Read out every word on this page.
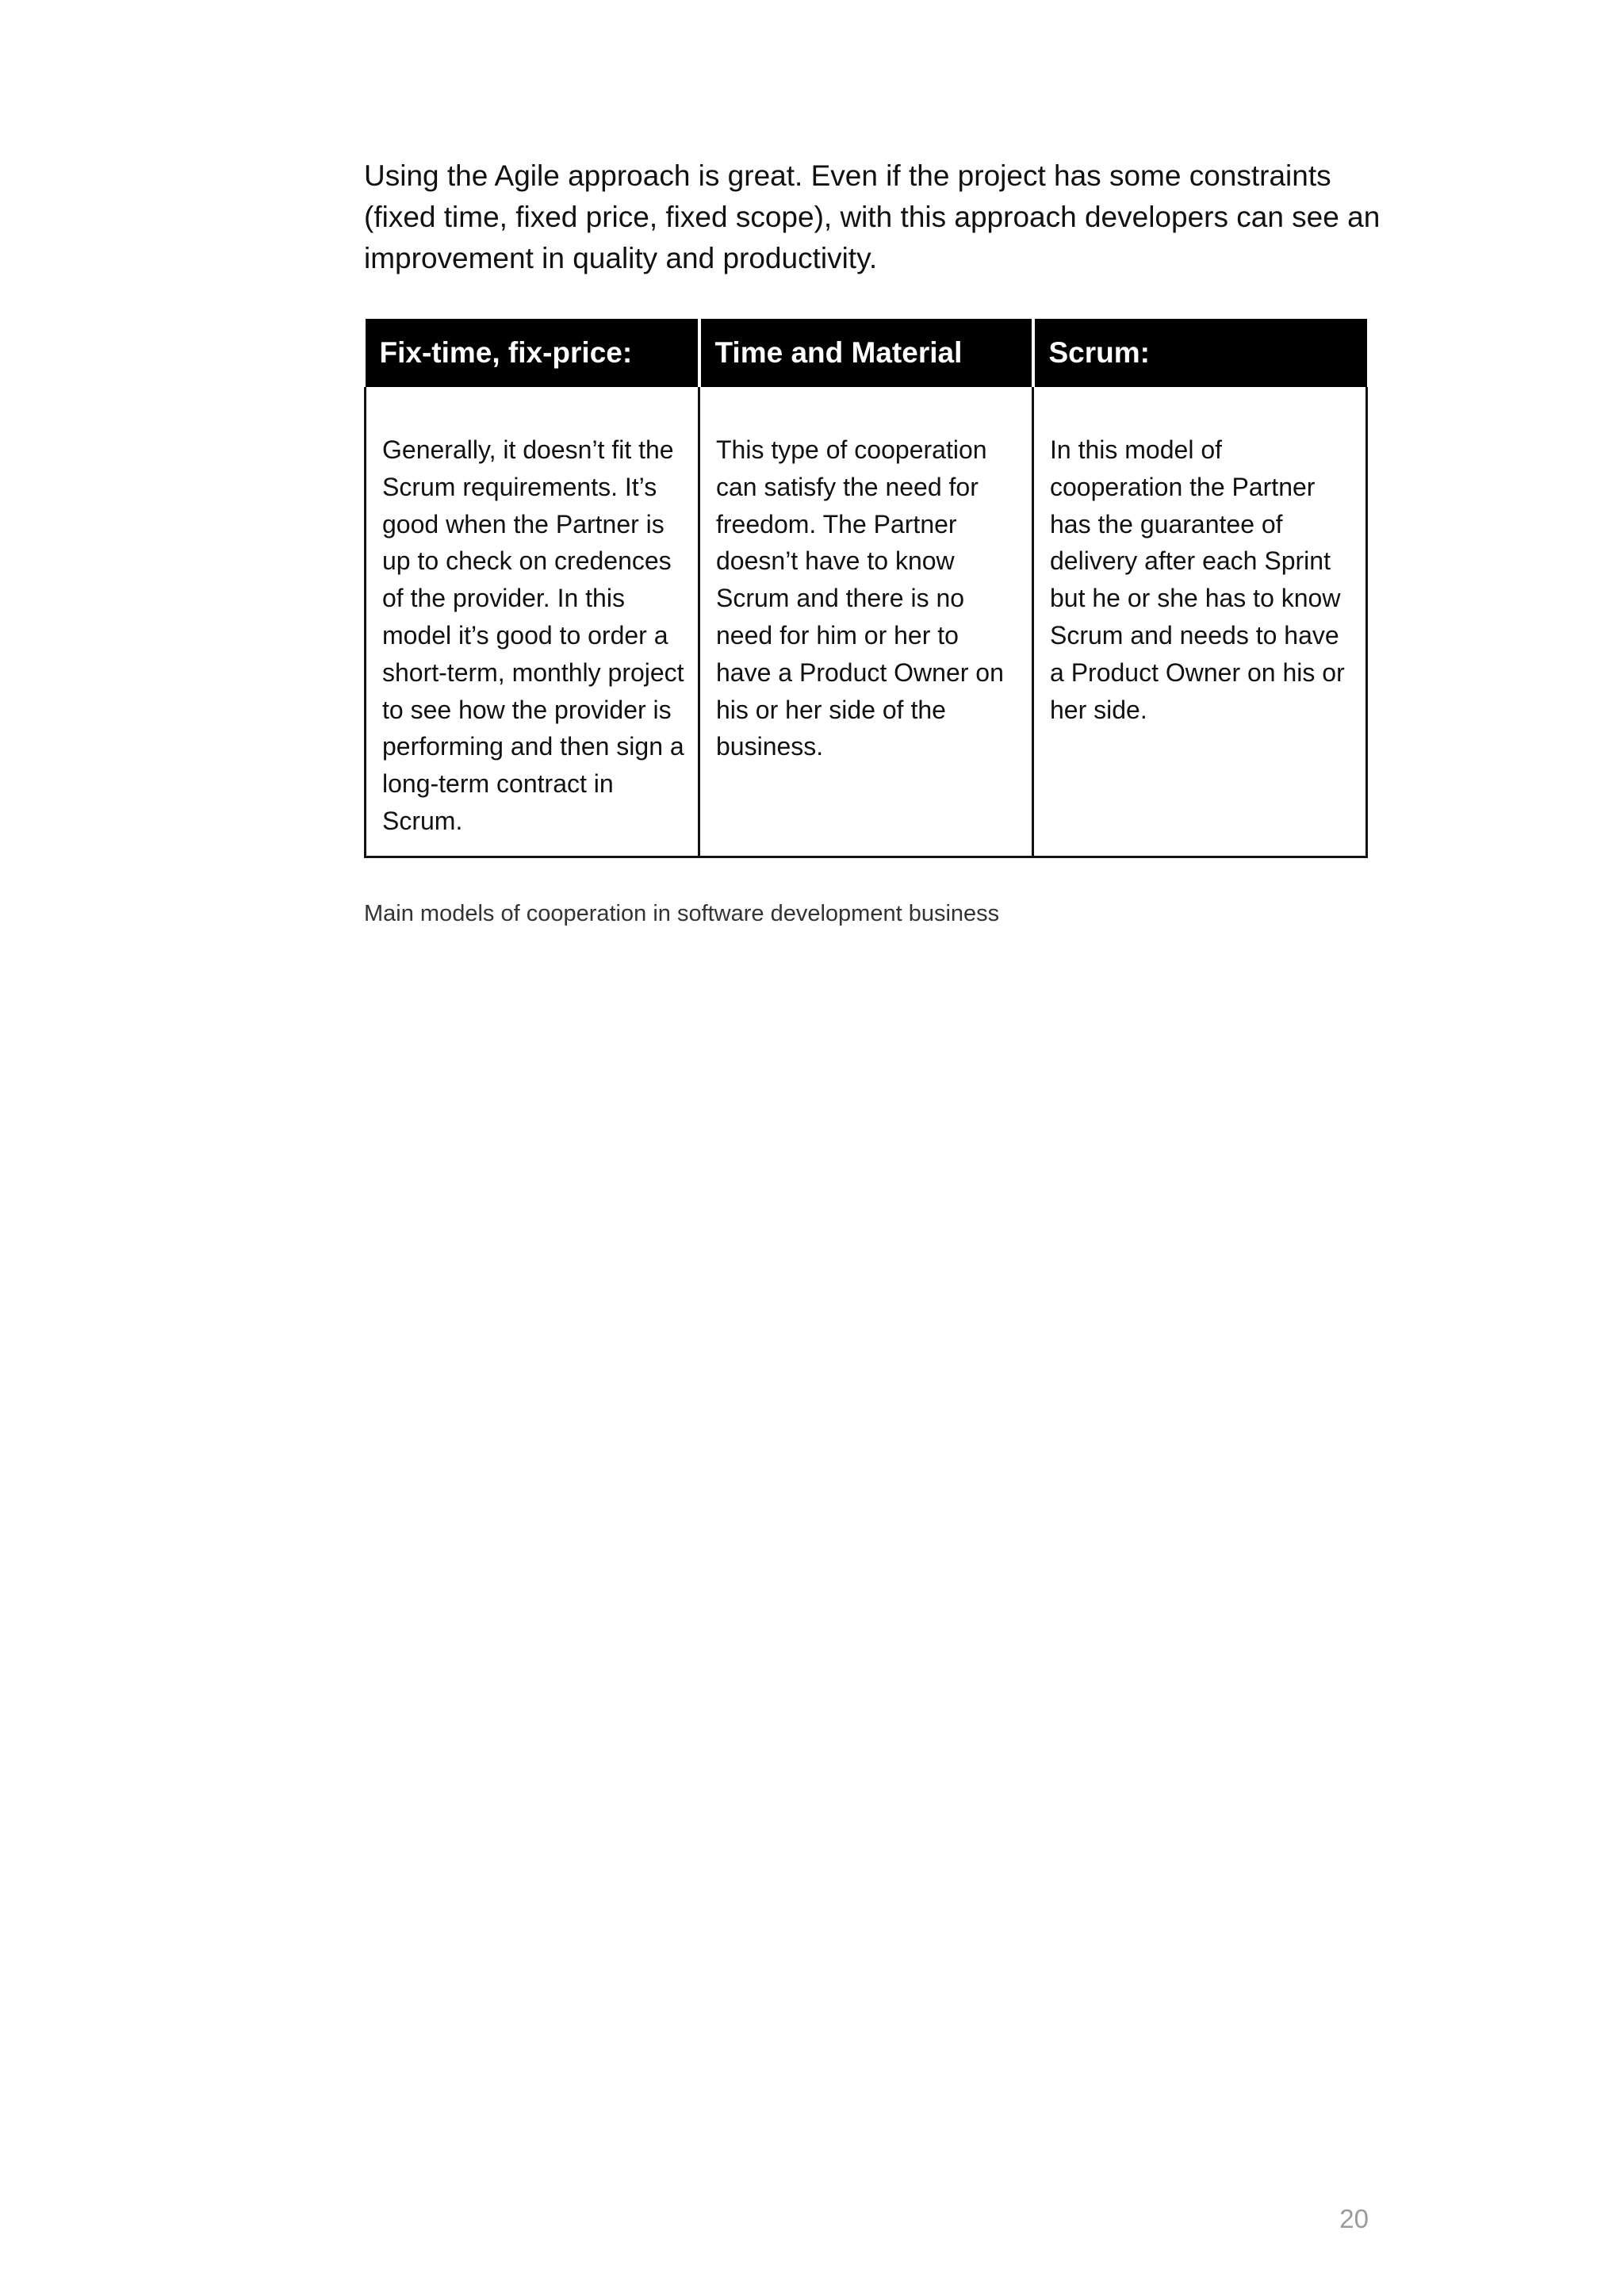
Using the Agile approach is great. Even if the project has some constraints (fixed time, fixed price, fixed scope), with this approach developers can see an improvement in quality and productivity.

Fix-time, fix-price:	Time and Material	Scrum:
Generally, it doesn’t fit the Scrum requirements. It’s good when the Partner is up to check on credences of the provider. In this model it’s good to order a short-term, monthly project to see how the provider is performing and then sign a long-term contract in Scrum.	This type of cooperation can satisfy the need for freedom. The Partner doesn’t have to know Scrum and there is no need for him or her to have a Product Owner on his or her side of the business.	In this model of cooperation the Partner has the guarantee of delivery after each Sprint but he or she has to know Scrum and needs to have a Product Owner on his or her side.

Main models of cooperation in software development business

20
